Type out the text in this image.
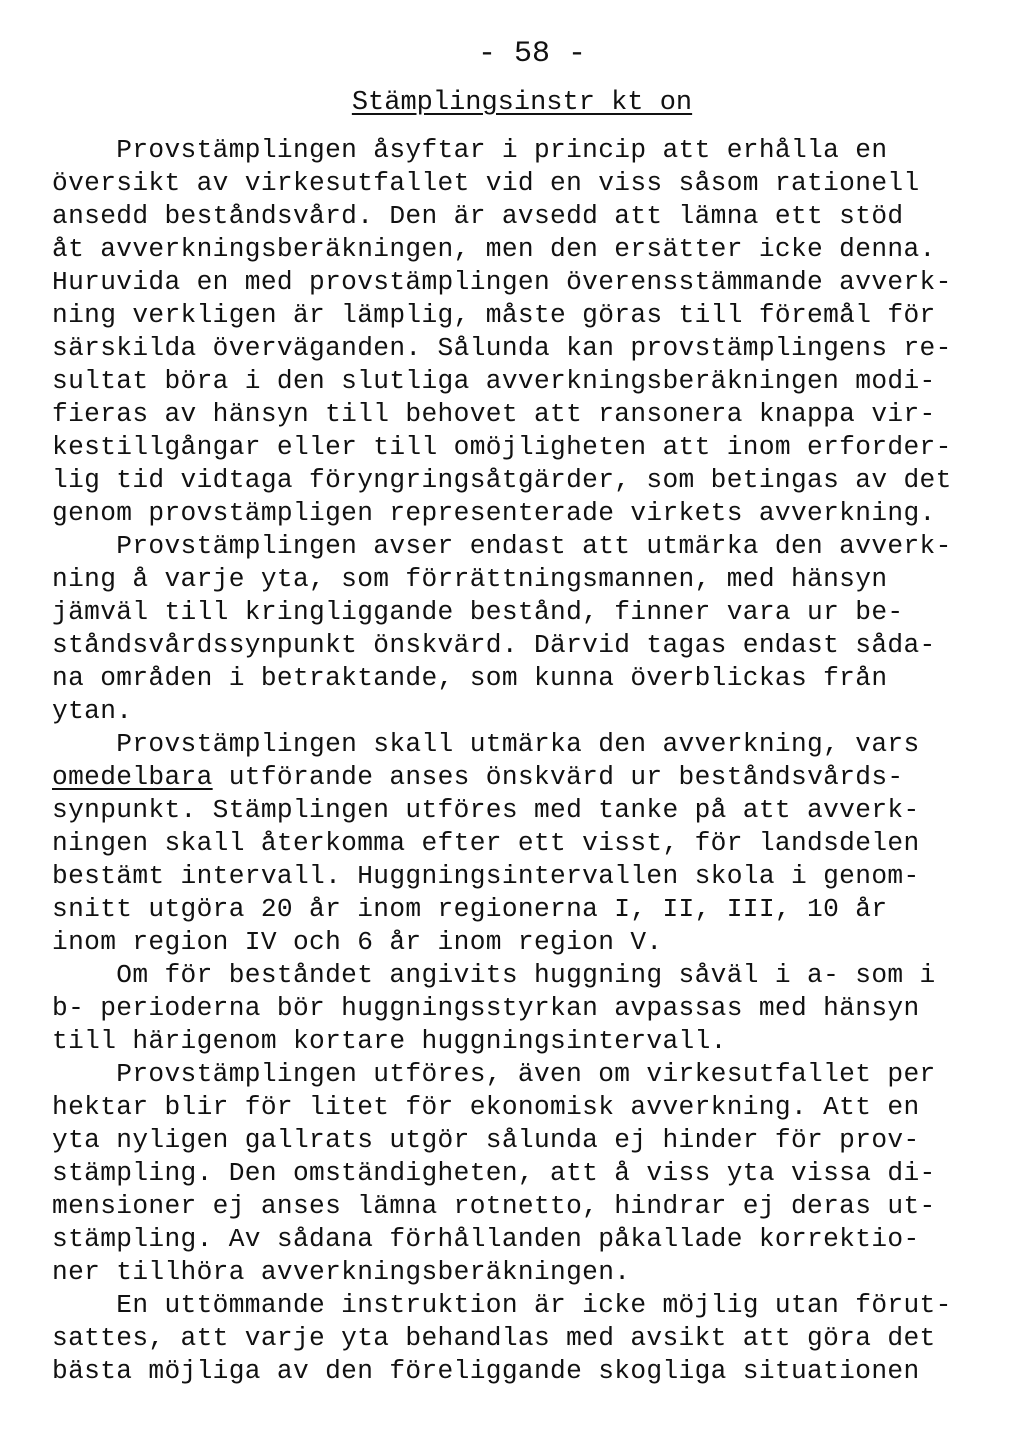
- 58 -
Stämplingsinstr kt on
Provstämplingen åsyftar i princip att erhålla en
översikt av virkesutfallet vid en viss såsom rationell
ansedd beståndsvård. Den är avsedd att lämna ett stöd
åt avverkningsberäkningen, men den ersätter icke denna.
Huruvida en med provstämplingen överensstämmande avverk-
ning verkligen är lämplig, måste göras till föremål för
särskilda överväganden. Sålunda kan provstämplingens re-
sultat böra i den slutliga avverkningsberäkningen modi-
fieras av hänsyn till behovet att ransonera knappa vir-
kestillgångar eller till omöjligheten att inom erforder-
lig tid vidtaga föryngringsåtgärder, som betingas av det
genom provstämpligen representerade virkets avverkning.
Provstämplingen avser endast att utmärka den avverk-
ning å varje yta, som förrättningsmannen, med hänsyn
jämväl till kringliggande bestånd, finner vara ur be-
ståndsvårdssynpunkt önskvärd. Därvid tagas endast såda-
na områden i betraktande, som kunna överblickas från
ytan.
Provstämplingen skall utmärka den avverkning, vars
omedelbara utförande anses önskvärd ur beståndsvårds-
synpunkt. Stämplingen utföres med tanke på att avverk-
ningen skall återkomma efter ett visst, för landsdelen
bestämt intervall. Huggningsintervallen skola i genom-
snitt utgöra 20 år inom regionerna I, II, III, 10 år
inom region IV och 6 år inom region V.
Om för beståndet angivits huggning såväl i a- som i
b- perioderna bör huggningsstyrkan avpassas med hänsyn
till härigenom kortare huggningsintervall.
Provstämplingen utföres, även om virkesutfallet per
hektar blir för litet för ekonomisk avverkning. Att en
yta nyligen gallrats utgör sålunda ej hinder för prov-
stämpling. Den omständigheten, att å viss yta vissa di-
mensioner ej anses lämna rotnetto, hindrar ej deras ut-
stämpling. Av sådana förhållanden påkallade korrektio-
ner tillhöra avverkningsberäkningen.
En uttömmande instruktion är icke möjlig utan förut-
sattes, att varje yta behandlas med avsikt att göra det
bästa möjliga av den föreliggande skogliga situationen
